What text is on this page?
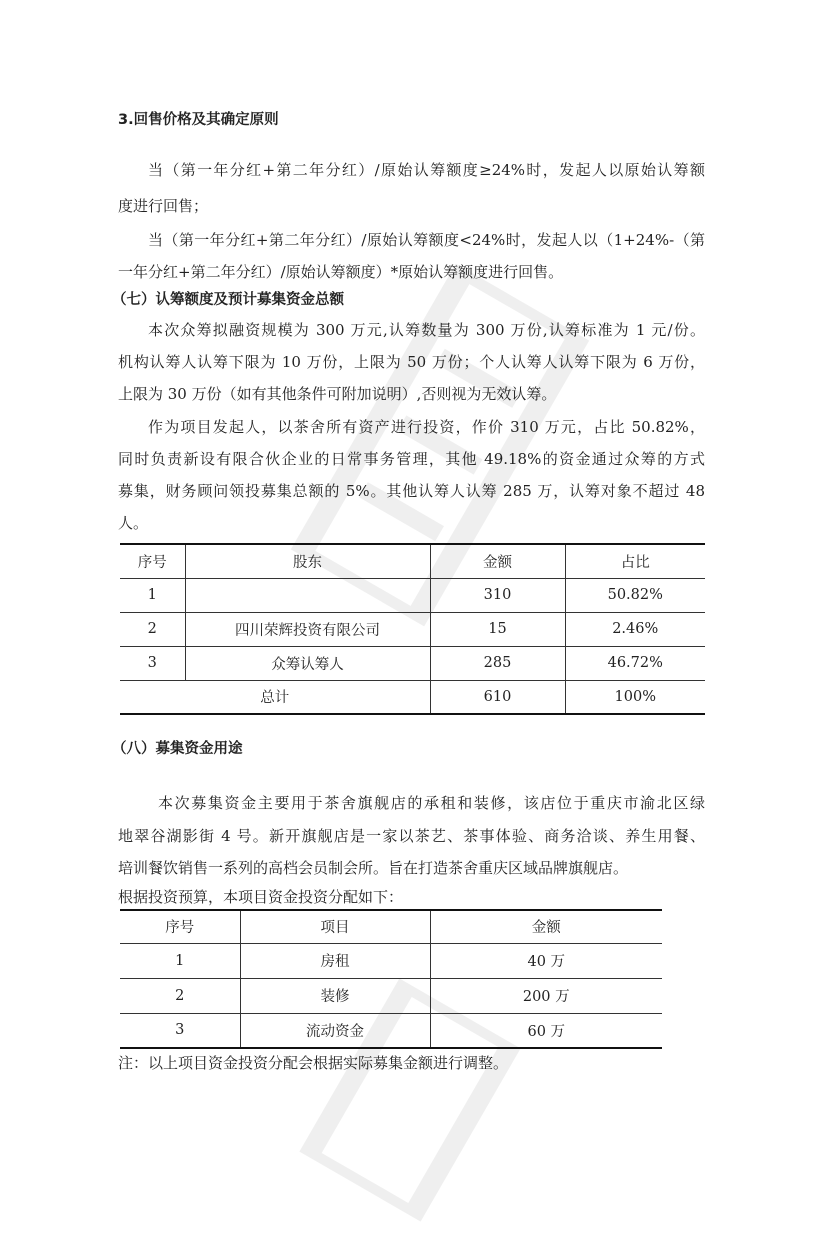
3.回售价格及其确定原则
当（第一年分红+第二年分红）/原始认筹额度≥24%时，发起人以原始认筹额
度进行回售；
当（第一年分红+第二年分红）/原始认筹额度<24%时，发起人以（1+24%-（第
一年分红+第二年分红）/原始认筹额度）*原始认筹额度进行回售。
（七）认筹额度及预计募集资金总额
本次众筹拟融资规模为 300 万元,认筹数量为 300 万份,认筹标准为 1 元/份。
机构认筹人认筹下限为 10 万份，上限为 50 万份；个人认筹人认筹下限为 6 万份，
上限为 30 万份（如有其他条件可附加说明）,否则视为无效认筹。
作为项目发起人，以茶舍所有资产进行投资，作价 310 万元，占比 50.82%，
同时负责新设有限合伙企业的日常事务管理，其他 49.18%的资金通过众筹的方式
募集，财务顾问领投募集总额的 5%。其他认筹人认筹 285 万，认筹对象不超过 48
人。
序号	股东	金额	占比
1		310	50.82%
2	四川荣辉投资有限公司	15	2.46%
3	众筹认筹人	285	46.72%
总计		610	100%
（八）募集资金用途
本次募集资金主要用于茶舍旗舰店的承租和装修，该店位于重庆市渝北区绿
地翠谷湖影街 4 号。新开旗舰店是一家以茶艺、茶事体验、商务洽谈、养生用餐、
培训餐饮销售一系列的高档会员制会所。旨在打造茶舍重庆区域品牌旗舰店。
根据投资预算，本项目资金投资分配如下：
序号	项目	金额
1	房租	40 万
2	装修	200 万
3	流动资金	60 万
注：以上项目资金投资分配会根据实际募集金额进行调整。
